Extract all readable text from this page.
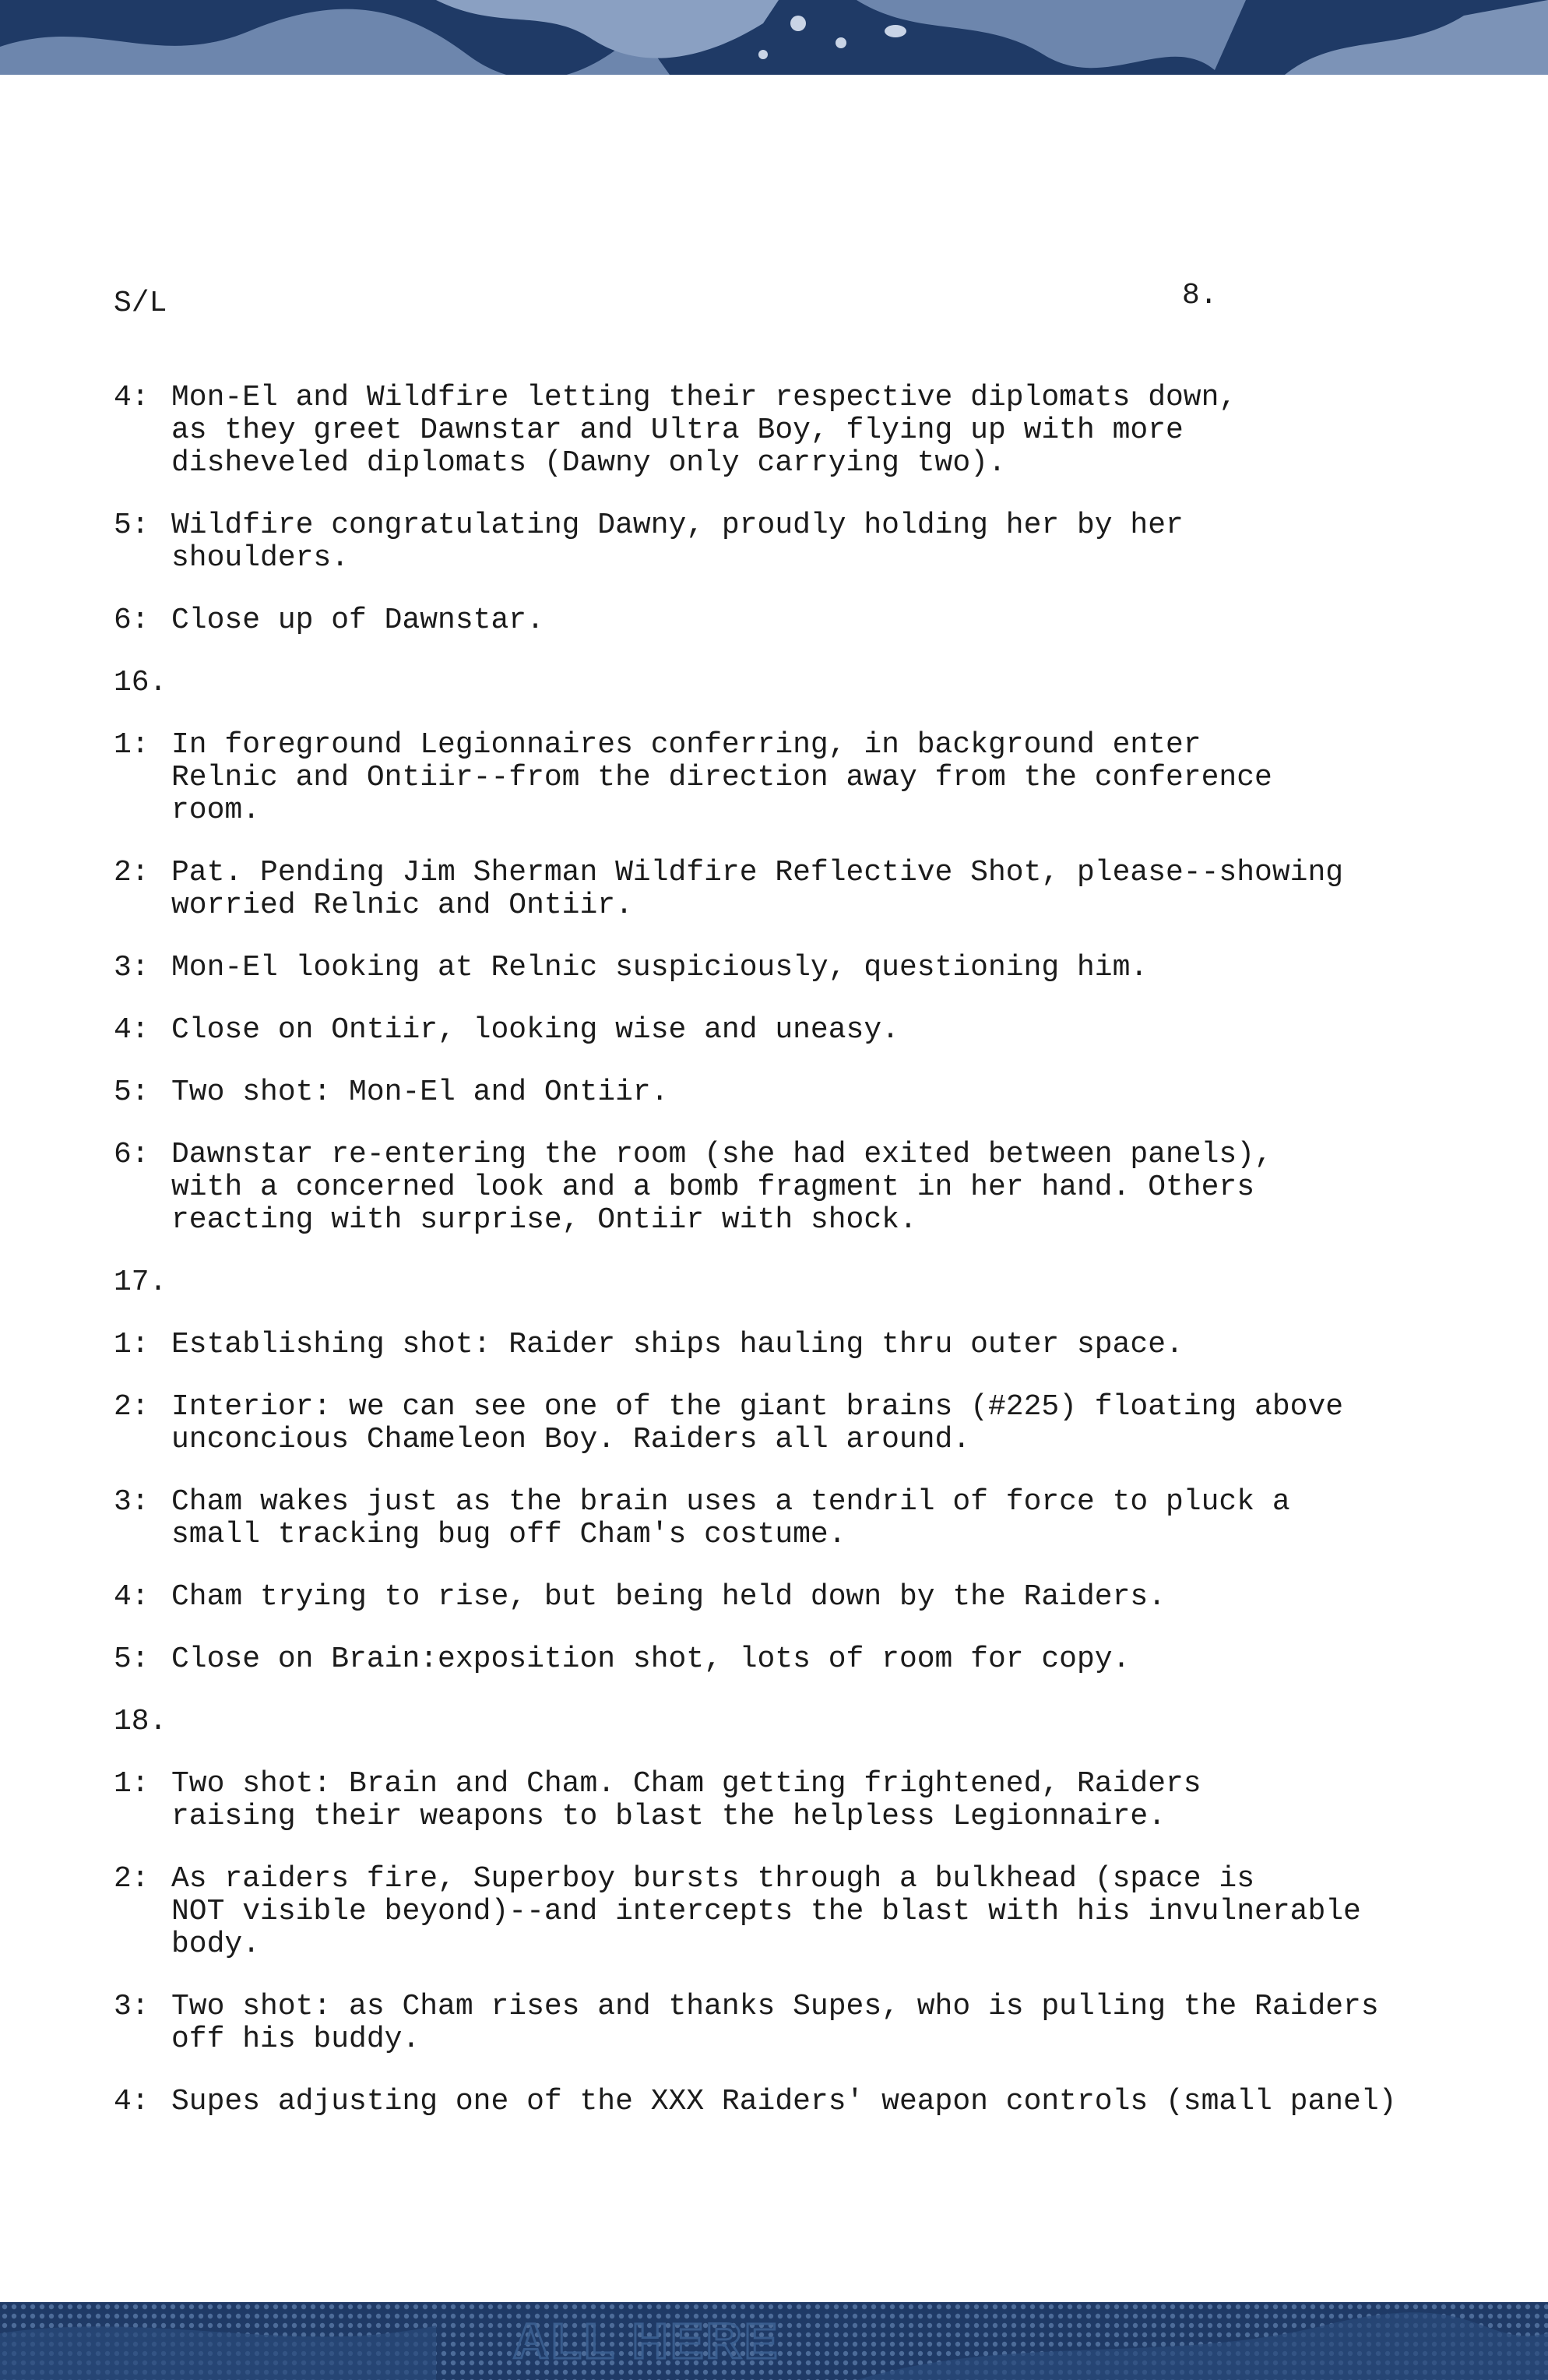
S/L	8.
4: Mon-El and Wildfire letting their respective diplomats down,
as they greet Dawnstar and Ultra Boy, flying up with more
disheveled diplomats (Dawny only carrying two).
5: Wildfire congratulating Dawny, proudly holding her by her
shoulders.
6: Close up of Dawnstar.
16.
1: In foreground Legionnaires conferring, in background enter
Relnic and Ontiir--from the direction away from the conference
room.
2: Pat. Pending Jim Sherman Wildfire Reflective Shot, please--showing
worried Relnic and Ontiir.
3: Mon-El looking at Relnic suspiciously, questioning him.
4: Close on Ontiir, looking wise and uneasy.
5: Two shot: Mon-El and Ontiir.
6: Dawnstar re-entering the room (she had exited between panels),
with a concerned look and a bomb fragment in her hand. Others
reacting with surprise, Ontiir with shock.
17.
1: Establishing shot: Raider ships hauling thru outer space.
2: Interior: we can see one of the giant brains (#225) floating above
unconcious Chameleon Boy. Raiders all around.
3: Cham wakes just as the brain uses a tendril of force to pluck a
small tracking bug off Cham's costume.
4: Cham trying to rise, but being held down by the Raiders.
5: Close on Brain:exposition shot, lots of room for copy.
18.
1: Two shot: Brain and Cham. Cham getting frightened, Raiders
raising their weapons to blast the helpless Legionnaire.
2: As raiders fire, Superboy bursts through a bulkhead (space is
NOT visible beyond)--and intercepts the blast with his invulnerable
body.
3: Two shot: as Cham rises and thanks Supes, who is pulling the Raiders
off his buddy.
4: Supes adjusting one of the XXX Raiders' weapon controls (small panel)
ALL HERE
